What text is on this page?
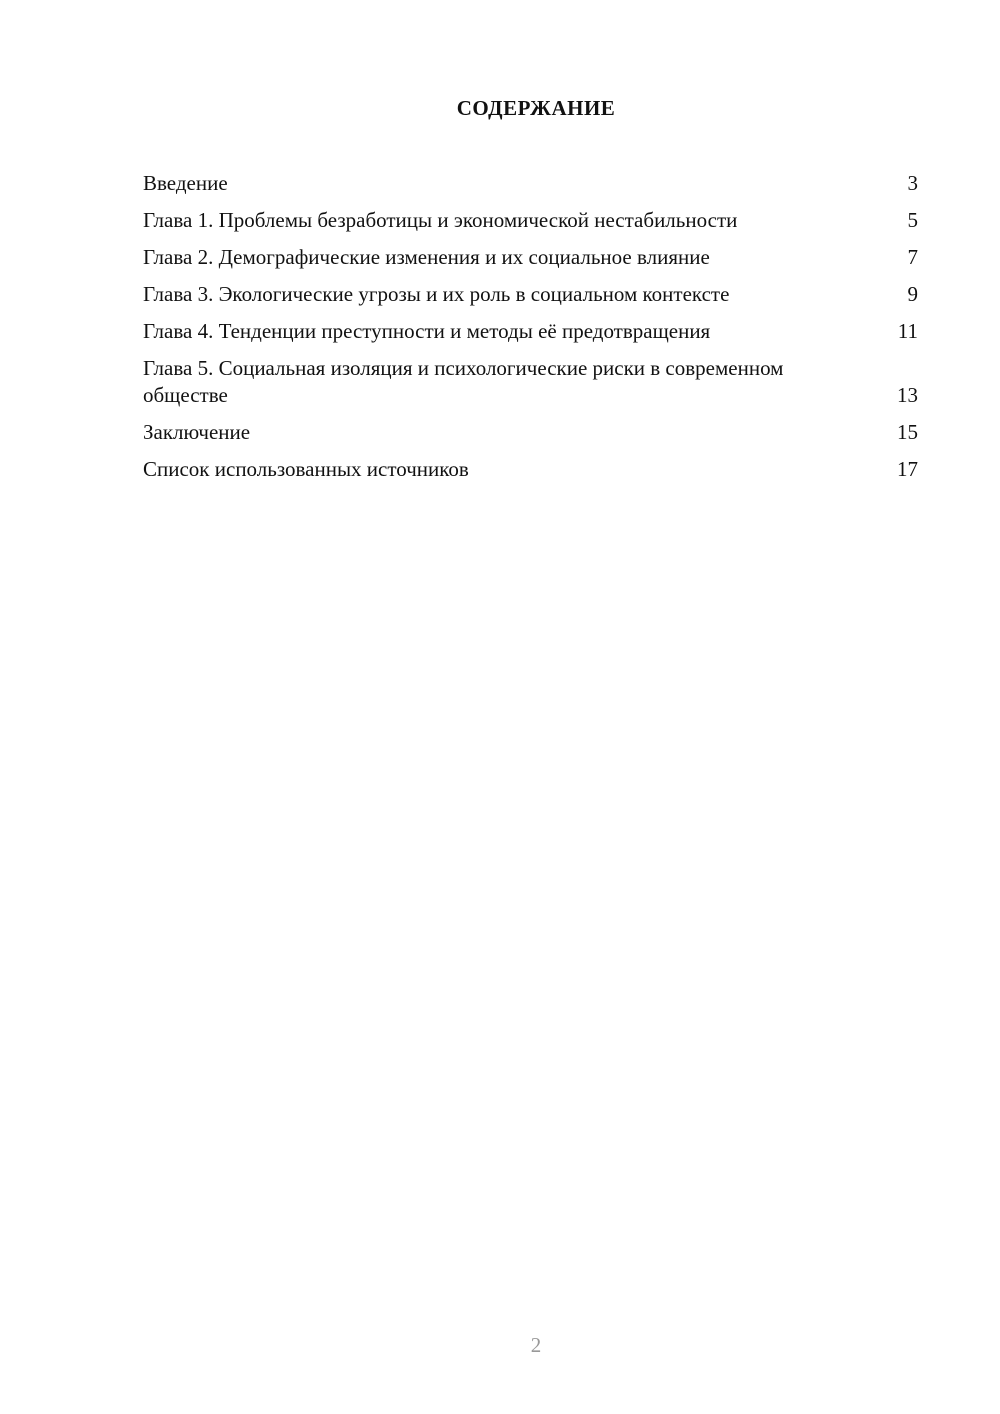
СОДЕРЖАНИЕ
Введение	3
Глава 1. Проблемы безработицы и экономической нестабильности	5
Глава 2. Демографические изменения и их социальное влияние	7
Глава 3. Экологические угрозы и их роль в социальном контексте	9
Глава 4. Тенденции преступности и методы её предотвращения	11
Глава 5. Социальная изоляция и психологические риски в современном обществе	13
Заключение	15
Список использованных источников	17
2
